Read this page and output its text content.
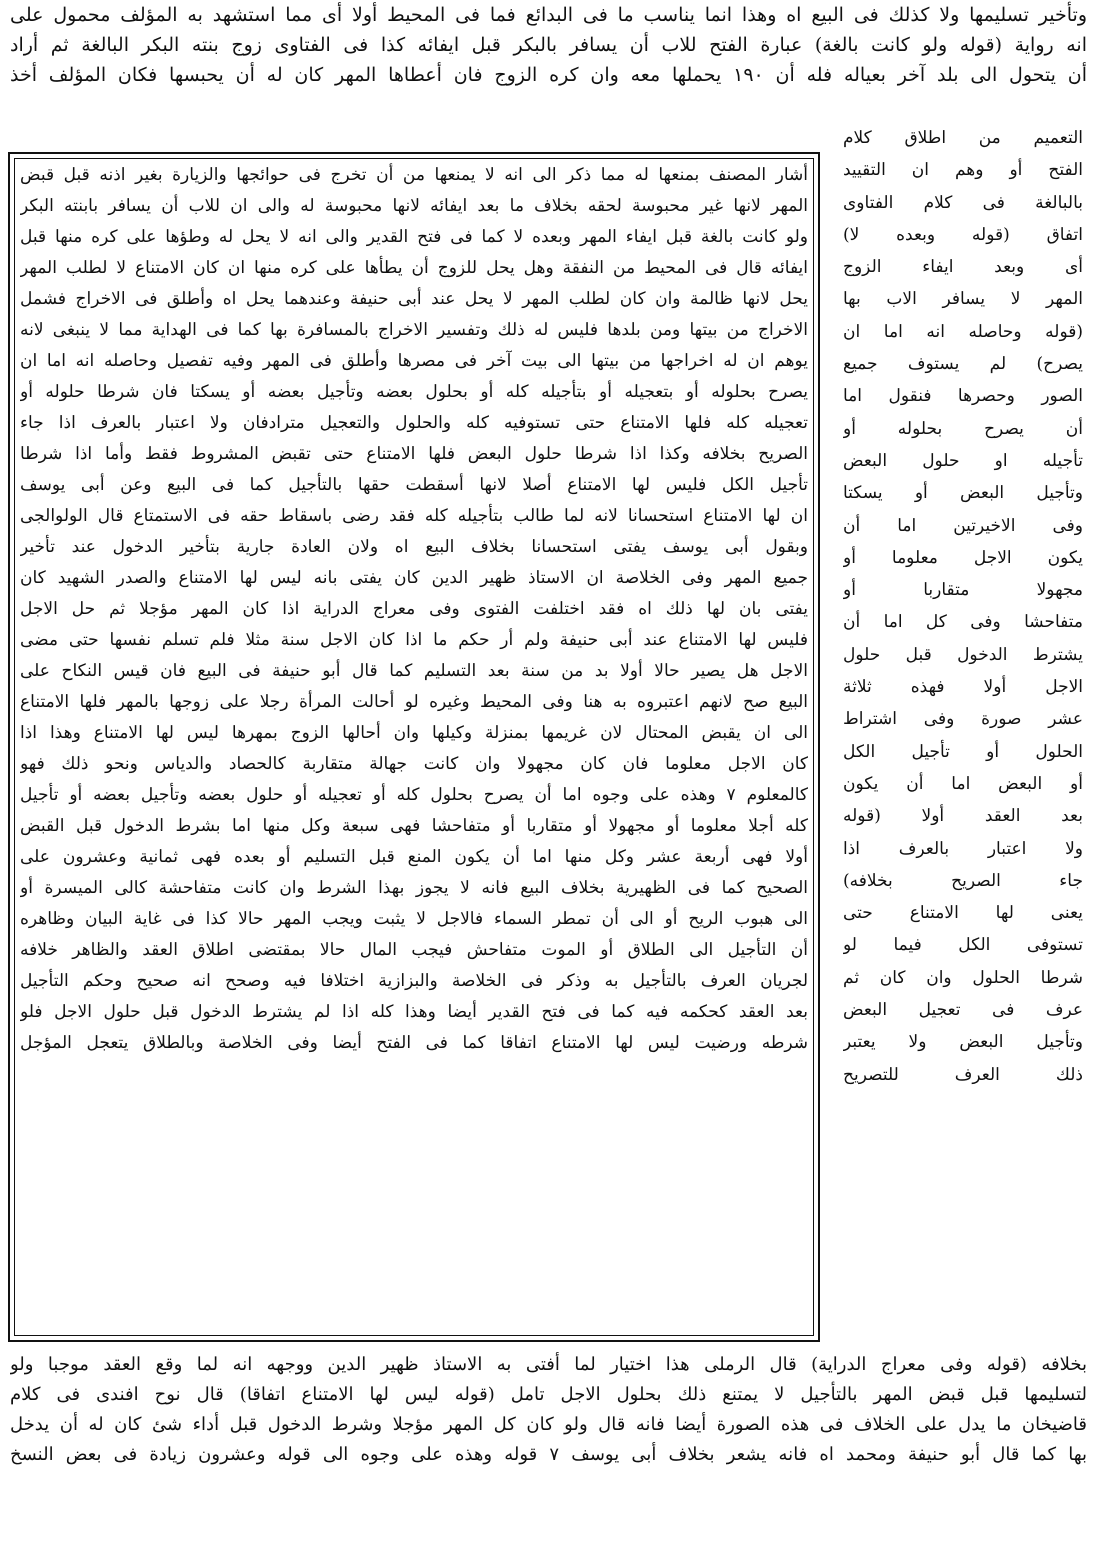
وتأخير تسليمها ولا كذلك فى البيع اه وهذا انما يناسب ما فى البدائع فما فى المحيط أولا أى مما استشهد به المؤلف محمول على
انه رواية (قوله ولو كانت بالغة) عبارة الفتح للاب أن يسافر بالبكر قبل ايفائه كذا فى الفتاوى زوج بنته البكر البالغة ثم أراد
أن يتحول الى بلد آخر بعياله فله أن ١٩٠ يحملها معه وان كره الزوج فان أعطاها المهر كان له أن يحبسها فكان المؤلف أخذ
التعميم من اطلاق كلام
الفتح أو وهم ان التقييد
بالبالغة فى كلام الفتاوى
اتفاق (قوله وبعده لا)
أى وبعد ايفاء الزوج
المهر لا يسافر الاب بها
(قوله وحاصله انه اما ان
يصرح) لم يستوف جميع
الصور وحصرها فنقول اما
أن يصرح بحلوله أو
تأجيله او حلول البعض
وتأجيل البعض أو يسكتا
وفى الاخيرتين اما أن
يكون الاجل معلوما أو
مجهولا متقاربا أو
متفاحشا وفى كل اما أن
يشترط الدخول قبل حلول
الاجل أولا فهذه ثلاثة
عشر صورة وفى اشتراط
الحلول أو تأجيل الكل
أو البعض اما أن يكون
بعد العقد أولا (قوله
ولا اعتبار بالعرف اذا
جاء الصريح بخلافه)
يعنى لها الامتناع حتى
تستوفى الكل فيما لو
شرطا الحلول وان كان ثم
عرف فى تعجيل البعض
وتأجيل البعض ولا يعتبر
ذلك العرف للتصريح
أشار المصنف بمنعها له مما ذكر الى انه لا يمنعها من أن تخرج فى حوائجها والزيارة بغير اذنه قبل قبض
المهر لانها غير محبوسة لحقه بخلاف ما بعد ايفائه لانها محبوسة له والى ان للاب أن يسافر بابنته البكر
ولو كانت بالغة قبل ايفاء المهر وبعده لا كما فى فتح القدير والى انه لا يحل له وطؤها على كره منها قبل
ايفائه قال فى المحيط من النفقة وهل يحل للزوج أن يطأها على كره منها ان كان الامتناع لا لطلب المهر
يحل لانها ظالمة وان كان لطلب المهر لا يحل عند أبى حنيفة وعندهما يحل اه وأطلق فى الاخراج فشمل
الاخراج من بيتها ومن بلدها فليس له ذلك وتفسير الاخراج بالمسافرة بها كما فى الهداية مما لا ينبغى لانه
يوهم ان له اخراجها من بيتها الى بيت آخر فى مصرها وأطلق فى المهر وفيه تفصيل وحاصله انه اما ان
يصرح بحلوله أو بتعجيله أو بتأجيله كله أو بحلول بعضه وتأجيل بعضه أو يسكتا فان شرطا حلوله أو
تعجيله كله فلها الامتناع حتى تستوفيه كله والحلول والتعجيل مترادفان ولا اعتبار بالعرف اذا جاء
الصريح بخلافه وكذا اذا شرطا حلول البعض فلها الامتناع حتى تقبض المشروط فقط وأما اذا شرطا
تأجيل الكل فليس لها الامتناع أصلا لانها أسقطت حقها بالتأجيل كما فى البيع وعن أبى يوسف
ان لها الامتناع استحسانا لانه لما طالب بتأجيله كله فقد رضى باسقاط حقه فى الاستمتاع قال الولوالجى
وبقول أبى يوسف يفتى استحسانا بخلاف البيع اه ولان العادة جارية بتأخير الدخول عند تأخير
جميع المهر وفى الخلاصة ان الاستاذ ظهير الدين كان يفتى بانه ليس لها الامتناع والصدر الشهيد كان
يفتى بان لها ذلك اه فقد اختلفت الفتوى وفى معراج الدراية اذا كان المهر مؤجلا ثم حل الاجل
فليس لها الامتناع عند أبى حنيفة ولم أر حكم ما اذا كان الاجل سنة مثلا فلم تسلم نفسها حتى مضى
الاجل هل يصير حالا أولا بد من سنة بعد التسليم كما قال أبو حنيفة فى البيع فان قيس النكاح على
البيع صح لانهم اعتبروه به هنا وفى المحيط وغيره لو أحالت المرأة رجلا على زوجها بالمهر فلها الامتناع
الى ان يقبض المحتال لان غريمها بمنزلة وكيلها وان أحالها الزوج بمهرها ليس لها الامتناع وهذا اذا
كان الاجل معلوما فان كان مجهولا وان كانت جهالة متقاربة كالحصاد والدياس ونحو ذلك فهو
كالمعلوم ٧ وهذه على وجوه اما أن يصرح بحلول كله أو تعجيله أو حلول بعضه وتأجيل بعضه أو تأجيل
كله أجلا معلوما أو مجهولا أو متقاربا أو متفاحشا فهى سبعة وكل منها اما بشرط الدخول قبل القبض
أولا فهى أربعة عشر وكل منها اما أن يكون المنع قبل التسليم أو بعده فهى ثمانية وعشرون على
الصحيح كما فى الظهيرية بخلاف البيع فانه لا يجوز بهذا الشرط وان كانت متفاحشة كالى الميسرة أو
الى هبوب الريح أو الى أن تمطر السماء فالاجل لا يثبت ويجب المهر حالا كذا فى غاية البيان وظاهره
أن التأجيل الى الطلاق أو الموت متفاحش فيجب المال حالا بمقتضى اطلاق العقد والظاهر خلافه
لجريان العرف بالتأجيل به وذكر فى الخلاصة والبزازية اختلافا فيه وصحح انه صحيح وحكم التأجيل
بعد العقد كحكمه فيه كما فى فتح القدير أيضا وهذا كله اذا لم يشترط الدخول قبل حلول الاجل فلو
شرطه ورضيت ليس لها الامتناع اتفاقا كما فى الفتح أيضا وفى الخلاصة وبالطلاق يتعجل المؤجل
بخلافه (قوله وفى معراج الدراية) قال الرملى هذا اختيار لما أفتى به الاستاذ ظهير الدين ووجهه انه لما وقع العقد موجبا ولو
لتسليمها قبل قبض المهر بالتأجيل لا يمتنع ذلك بحلول الاجل تامل (قوله ليس لها الامتناع اتفاقا) قال نوح افندى فى كلام
قاضيخان ما يدل على الخلاف فى هذه الصورة أيضا فانه قال ولو كان كل المهر مؤجلا وشرط الدخول قبل أداء شئ كان له أن يدخل
بها كما قال أبو حنيفة ومحمد اه فانه يشعر بخلاف أبى يوسف ٧ قوله وهذه على وجوه الى قوله وعشرون زيادة فى بعض النسخ
